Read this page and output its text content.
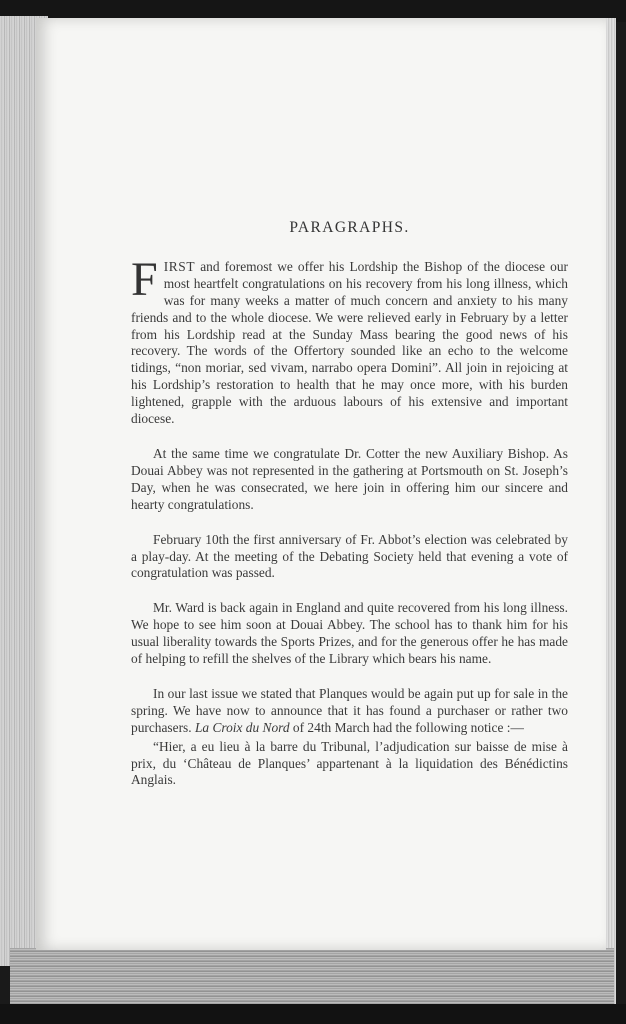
PARAGRAPHS.

FIRST and foremost we offer his Lordship the Bishop of the diocese our most heartfelt congratulations on his recovery from his long illness, which was for many weeks a matter of much concern and anxiety to his many friends and to the whole diocese. We were relieved early in February by a letter from his Lordship read at the Sunday Mass bearing the good news of his recovery. The words of the Offertory sounded like an echo to the welcome tidings, “non moriar, sed vivam, narrabo opera Domini”. All join in rejoicing at his Lordship’s restoration to health that he may once more, with his burden lightened, grapple with the arduous labours of his extensive and important diocese.

At the same time we congratulate Dr. Cotter the new Auxiliary Bishop. As Douai Abbey was not represented in the gathering at Portsmouth on St. Joseph’s Day, when he was consecrated, we here join in offering him our sincere and hearty congratulations.

February 10th the first anniversary of Fr. Abbot’s election was celebrated by a play-day. At the meeting of the Debating Society held that evening a vote of congratulation was passed.

Mr. Ward is back again in England and quite recovered from his long illness. We hope to see him soon at Douai Abbey. The school has to thank him for his usual liberality towards the Sports Prizes, and for the generous offer he has made of helping to refill the shelves of the Library which bears his name.

In our last issue we stated that Planques would be again put up for sale in the spring. We have now to announce that it has found a purchaser or rather two purchasers. La Croix du Nord of 24th March had the following notice :—

“Hier, a eu lieu à la barre du Tribunal, l’adjudication sur baisse de mise à prix, du ‘Château de Planques’ appartenant à la liquidation des Bénédictins Anglais.
